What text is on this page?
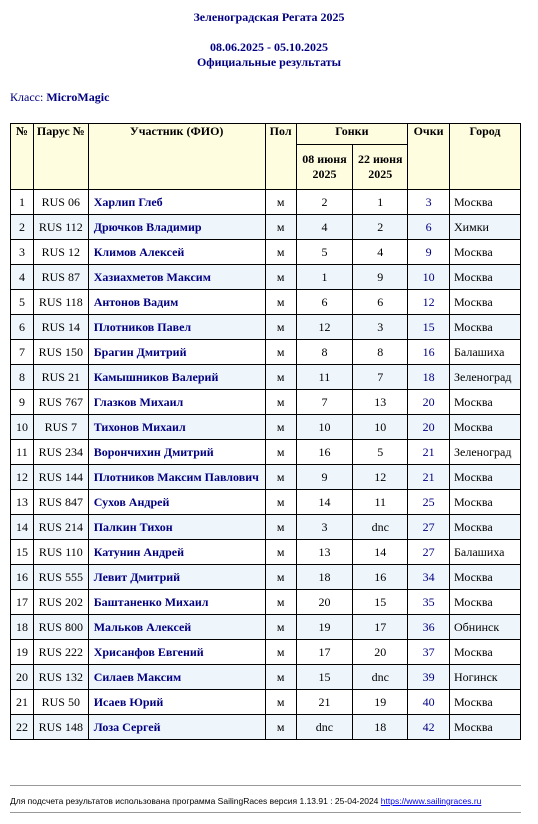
Зеленоградская Регата 2025
08.06.2025 - 05.10.2025
Официальные результаты
Класс: MicroMagic
№	Парус №	Участник (ФИО)	Пол	Гонки		Очки	Город
				08 июня 2025	22 июня 2025		
1	RUS 06	Харлип Глеб	м	2	1	3	Москва
2	RUS 112	Дрючков Владимир	м	4	2	6	Химки
3	RUS 12	Климов Алексей	м	5	4	9	Москва
4	RUS 87	Хазиахметов Максим	м	1	9	10	Москва
5	RUS 118	Антонов Вадим	м	6	6	12	Москва
6	RUS 14	Плотников Павел	м	12	3	15	Москва
7	RUS 150	Брагин Дмитрий	м	8	8	16	Балашиха
8	RUS 21	Камышников Валерий	м	11	7	18	Зеленоград
9	RUS 767	Глазков Михаил	м	7	13	20	Москва
10	RUS 7	Тихонов Михаил	м	10	10	20	Москва
11	RUS 234	Ворончихин Дмитрий	м	16	5	21	Зеленоград
12	RUS 144	Плотников Максим Павлович	м	9	12	21	Москва
13	RUS 847	Сухов Андрей	м	14	11	25	Москва
14	RUS 214	Палкин Тихон	м	3	dnc	27	Москва
15	RUS 110	Катунин Андрей	м	13	14	27	Балашиха
16	RUS 555	Левит Дмитрий	м	18	16	34	Москва
17	RUS 202	Баштаненко Михаил	м	20	15	35	Москва
18	RUS 800	Мальков Алексей	м	19	17	36	Обнинск
19	RUS 222	Хрисанфов Евгений	м	17	20	37	Москва
20	RUS 132	Силаев Максим	м	15	dnc	39	Ногинск
21	RUS 50	Исаев Юрий	м	21	19	40	Москва
22	RUS 148	Лоза Сергей	м	dnc	18	42	Москва
Для подсчета результатов использована программа SailingRaces версия 1.13.91 : 25-04-2024 https://www.sailingraces.ru
